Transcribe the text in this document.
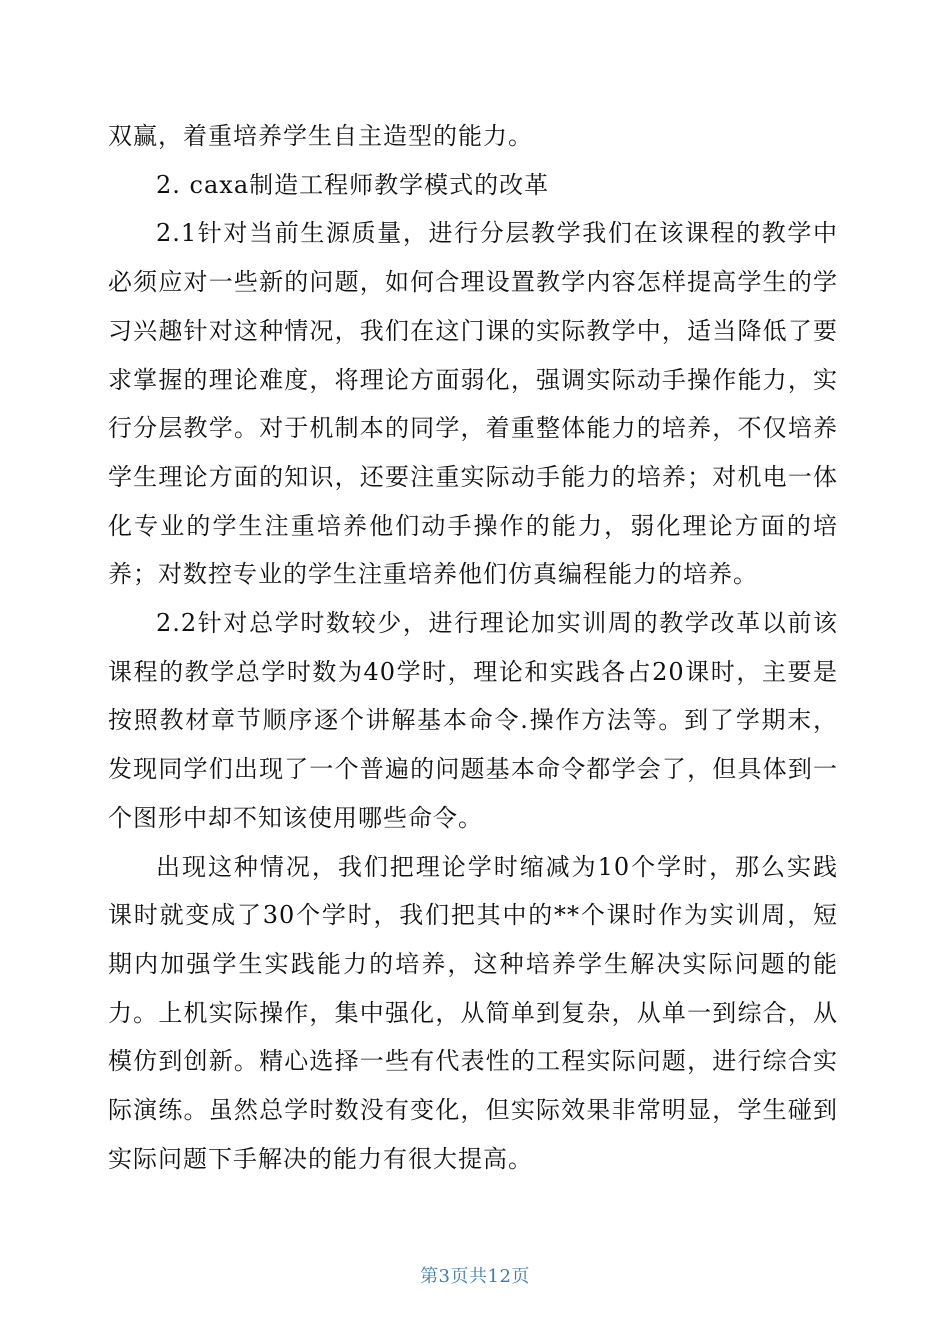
双赢，着重培养学生自主造型的能力。

2. caxa制造工程师教学模式的改革

2.1针对当前生源质量，进行分层教学我们在该课程的教学中必须应对一些新的问题，如何合理设置教学内容怎样提高学生的学习兴趣针对这种情况，我们在这门课的实际教学中，适当降低了要求掌握的理论难度，将理论方面弱化，强调实际动手操作能力，实行分层教学。对于机制本的同学，着重整体能力的培养，不仅培养学生理论方面的知识，还要注重实际动手能力的培养；对机电一体化专业的学生注重培养他们动手操作的能力，弱化理论方面的培养；对数控专业的学生注重培养他们仿真编程能力的培养。

2.2针对总学时数较少，进行理论加实训周的教学改革以前该课程的教学总学时数为40学时，理论和实践各占20课时，主要是按照教材章节顺序逐个讲解基本命令.操作方法等。到了学期末，发现同学们出现了一个普遍的问题基本命令都学会了，但具体到一个图形中却不知该使用哪些命令。

出现这种情况，我们把理论学时缩减为10个学时，那么实践课时就变成了30个学时，我们把其中的**个课时作为实训周，短期内加强学生实践能力的培养，这种培养学生解决实际问题的能力。上机实际操作，集中强化，从简单到复杂，从单一到综合，从模仿到创新。精心选择一些有代表性的工程实际问题，进行综合实际演练。虽然总学时数没有变化，但实际效果非常明显，学生碰到实际问题下手解决的能力有很大提高。

第3页共12页
